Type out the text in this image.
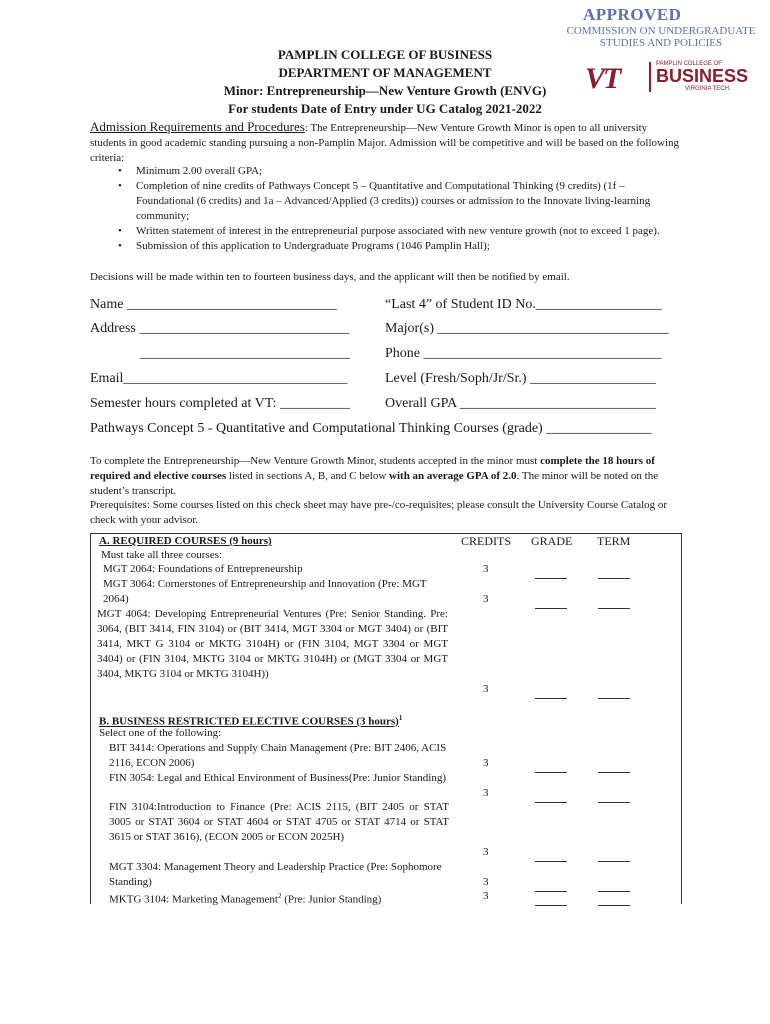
APPROVED
COMMISSION ON UNDERGRADUATE
STUDIES AND POLICIES
VT	PAMPLIN COLLEGE OF
BUSINESS
VIRGINIA TECH.
PAMPLIN COLLEGE OF BUSINESS
DEPARTMENT OF MANAGEMENT
Minor: Entrepreneurship—New Venture Growth (ENVG)
For students Date of Entry under UG Catalog 2021-2022
Admission Requirements and Procedures: The Entrepreneurship—New Venture Growth Minor is open to all university students in good academic standing pursuing a non-Pamplin Major. Admission will be competitive and will be based on the following criteria:
• Minimum 2.00 overall GPA;
• Completion of nine credits of Pathways Concept 5 – Quantitative and Computational Thinking (9 credits) (1f – Foundational (6 credits) and 1a – Advanced/Applied (3 credits)) courses or admission to the Innovate living-learning community;
• Written statement of interest in the entrepreneurial purpose associated with new venture growth (not to exceed 1 page).
• Submission of this application to Undergraduate Programs (1046 Pamplin Hall);
Decisions will be made within ten to fourteen business days, and the applicant will then be notified by email.
Name ______________________________	“Last 4” of Student ID No.__________________
Address ______________________________	Major(s) _________________________________
______________________________	Phone __________________________________
Email________________________________	Level (Fresh/Soph/Jr/Sr.) __________________
Semester hours completed at VT: __________	Overall GPA ____________________________
Pathways Concept 5 - Quantitative and Computational Thinking Courses (grade) _______________
To complete the Entrepreneurship—New Venture Growth Minor, students accepted in the minor must complete the 18 hours of required and elective courses listed in sections A, B, and C below with an average GPA of 2.0. The minor will be noted on the student’s transcript.
Prerequisites: Some courses listed on this check sheet may have pre-/co-requisites; please consult the University Course Catalog or check with your advisor.
CREDITS GRADE TERM
A. REQUIRED COURSES (9 hours)
Must take all three courses:
MGT 2064: Foundations of Entrepreneurship	3
MGT 3064: Cornerstones of Entrepreneurship and Innovation (Pre: MGT 2064)	3
MGT 4064: Developing Entrepreneurial Ventures (Pre: Senior Standing. Pre: 3064, (BIT 3414, FIN 3104) or (BIT 3414, MGT 3304 or MGT 3404) or (BIT 3414, MKT G 3104 or MKTG 3104H) or (FIN 3104, MGT 3304 or MGT 3404) or (FIN 3104, MKTG 3104 or MKTG 3104H) or (MGT 3304 or MGT 3404, MKTG 3104 or MKTG 3104H))
3
B. BUSINESS RESTRICTED ELECTIVE COURSES (3 hours)$^1$
Select one of the following:
BIT 3414: Operations and Supply Chain Management (Pre: BIT 2406, ACIS 2116, ECON 2006)	3
FIN 3054: Legal and Ethical Environment of Business(Pre: Junior Standing)
3
FIN 3104:Introduction to Finance (Pre: ACIS 2115, (BIT 2405 or STAT 3005 or STAT 3604 or STAT 4604 or STAT 4705 or STAT 4714 or STAT 3615 or STAT 3616), (ECON 2005 or ECON 2025H)
3
MGT 3304: Management Theory and Leadership Practice (Pre: Sophomore Standing)	3
MKTG 3104: Marketing Management$^2$ (Pre: Junior Standing)	3
